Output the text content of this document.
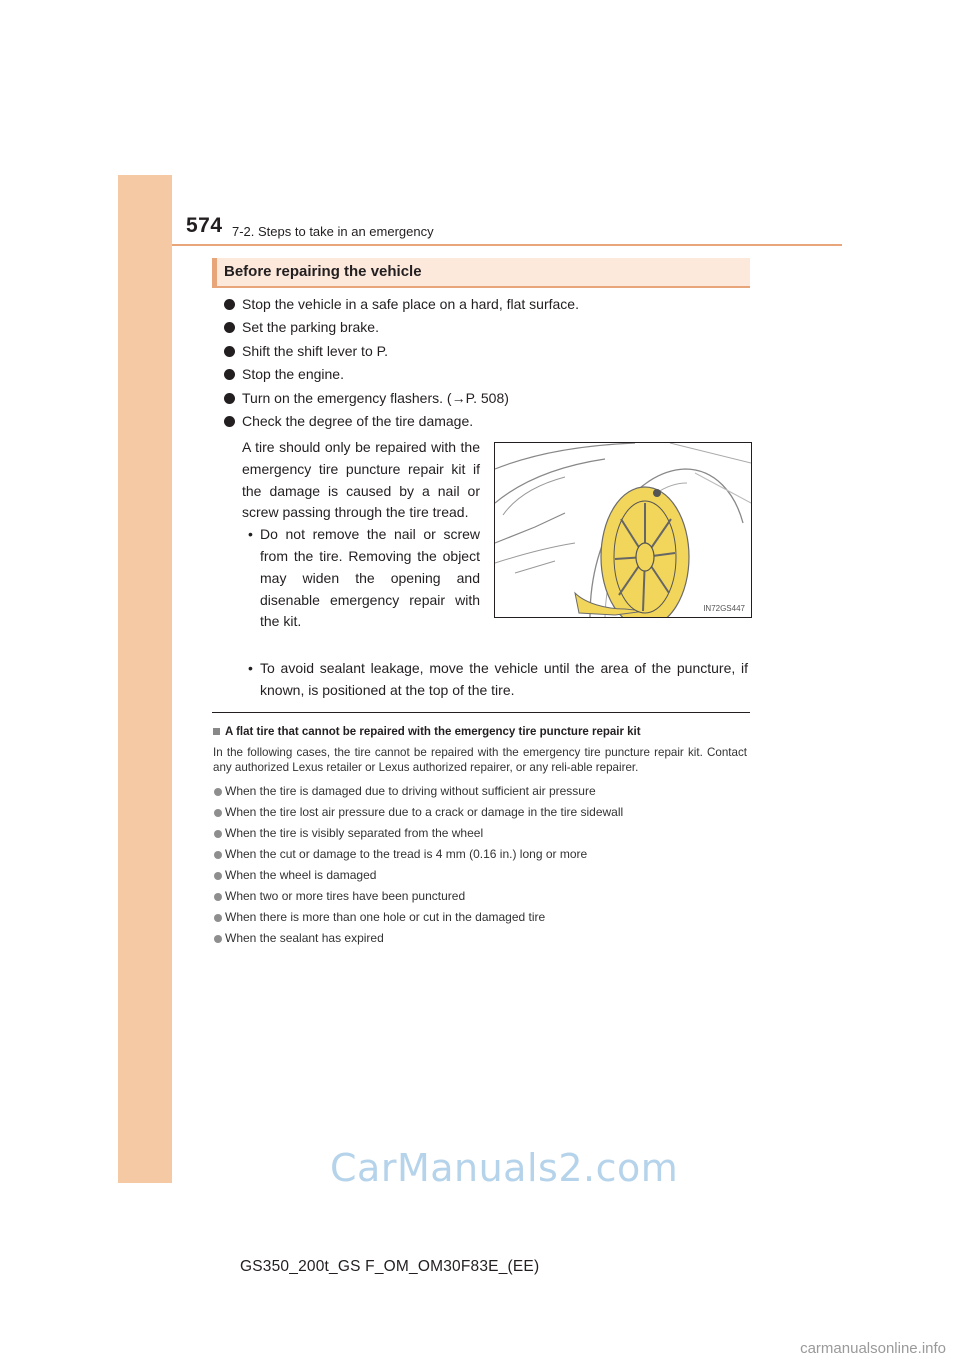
574 7-2. Steps to take in an emergency
Before repairing the vehicle
Stop the vehicle in a safe place on a hard, flat surface.
Set the parking brake.
Shift the shift lever to P.
Stop the engine.
Turn on the emergency flashers. (→P. 508)
Check the degree of the tire damage.
A tire should only be repaired with the emergency tire puncture repair kit if the damage is caused by a nail or screw passing through the tire tread.
• Do not remove the nail or screw from the tire. Removing the object may widen the opening and disenable emergency repair with the kit.
• To avoid sealant leakage, move the vehicle until the area of the puncture, if known, is positioned at the top of the tire.
IN72GS447
A flat tire that cannot be repaired with the emergency tire puncture repair kit
In the following cases, the tire cannot be repaired with the emergency tire puncture repair kit. Contact any authorized Lexus retailer or Lexus authorized repairer, or any reli-able repairer.
When the tire is damaged due to driving without sufficient air pressure
When the tire lost air pressure due to a crack or damage in the tire sidewall
When the tire is visibly separated from the wheel
When the cut or damage to the tread is 4 mm (0.16 in.) long or more
When the wheel is damaged
When two or more tires have been punctured
When there is more than one hole or cut in the damaged tire
When the sealant has expired
CarManuals2.com
GS350_200t_GS F_OM_OM30F83E_(EE)
carmanualsonline.info
